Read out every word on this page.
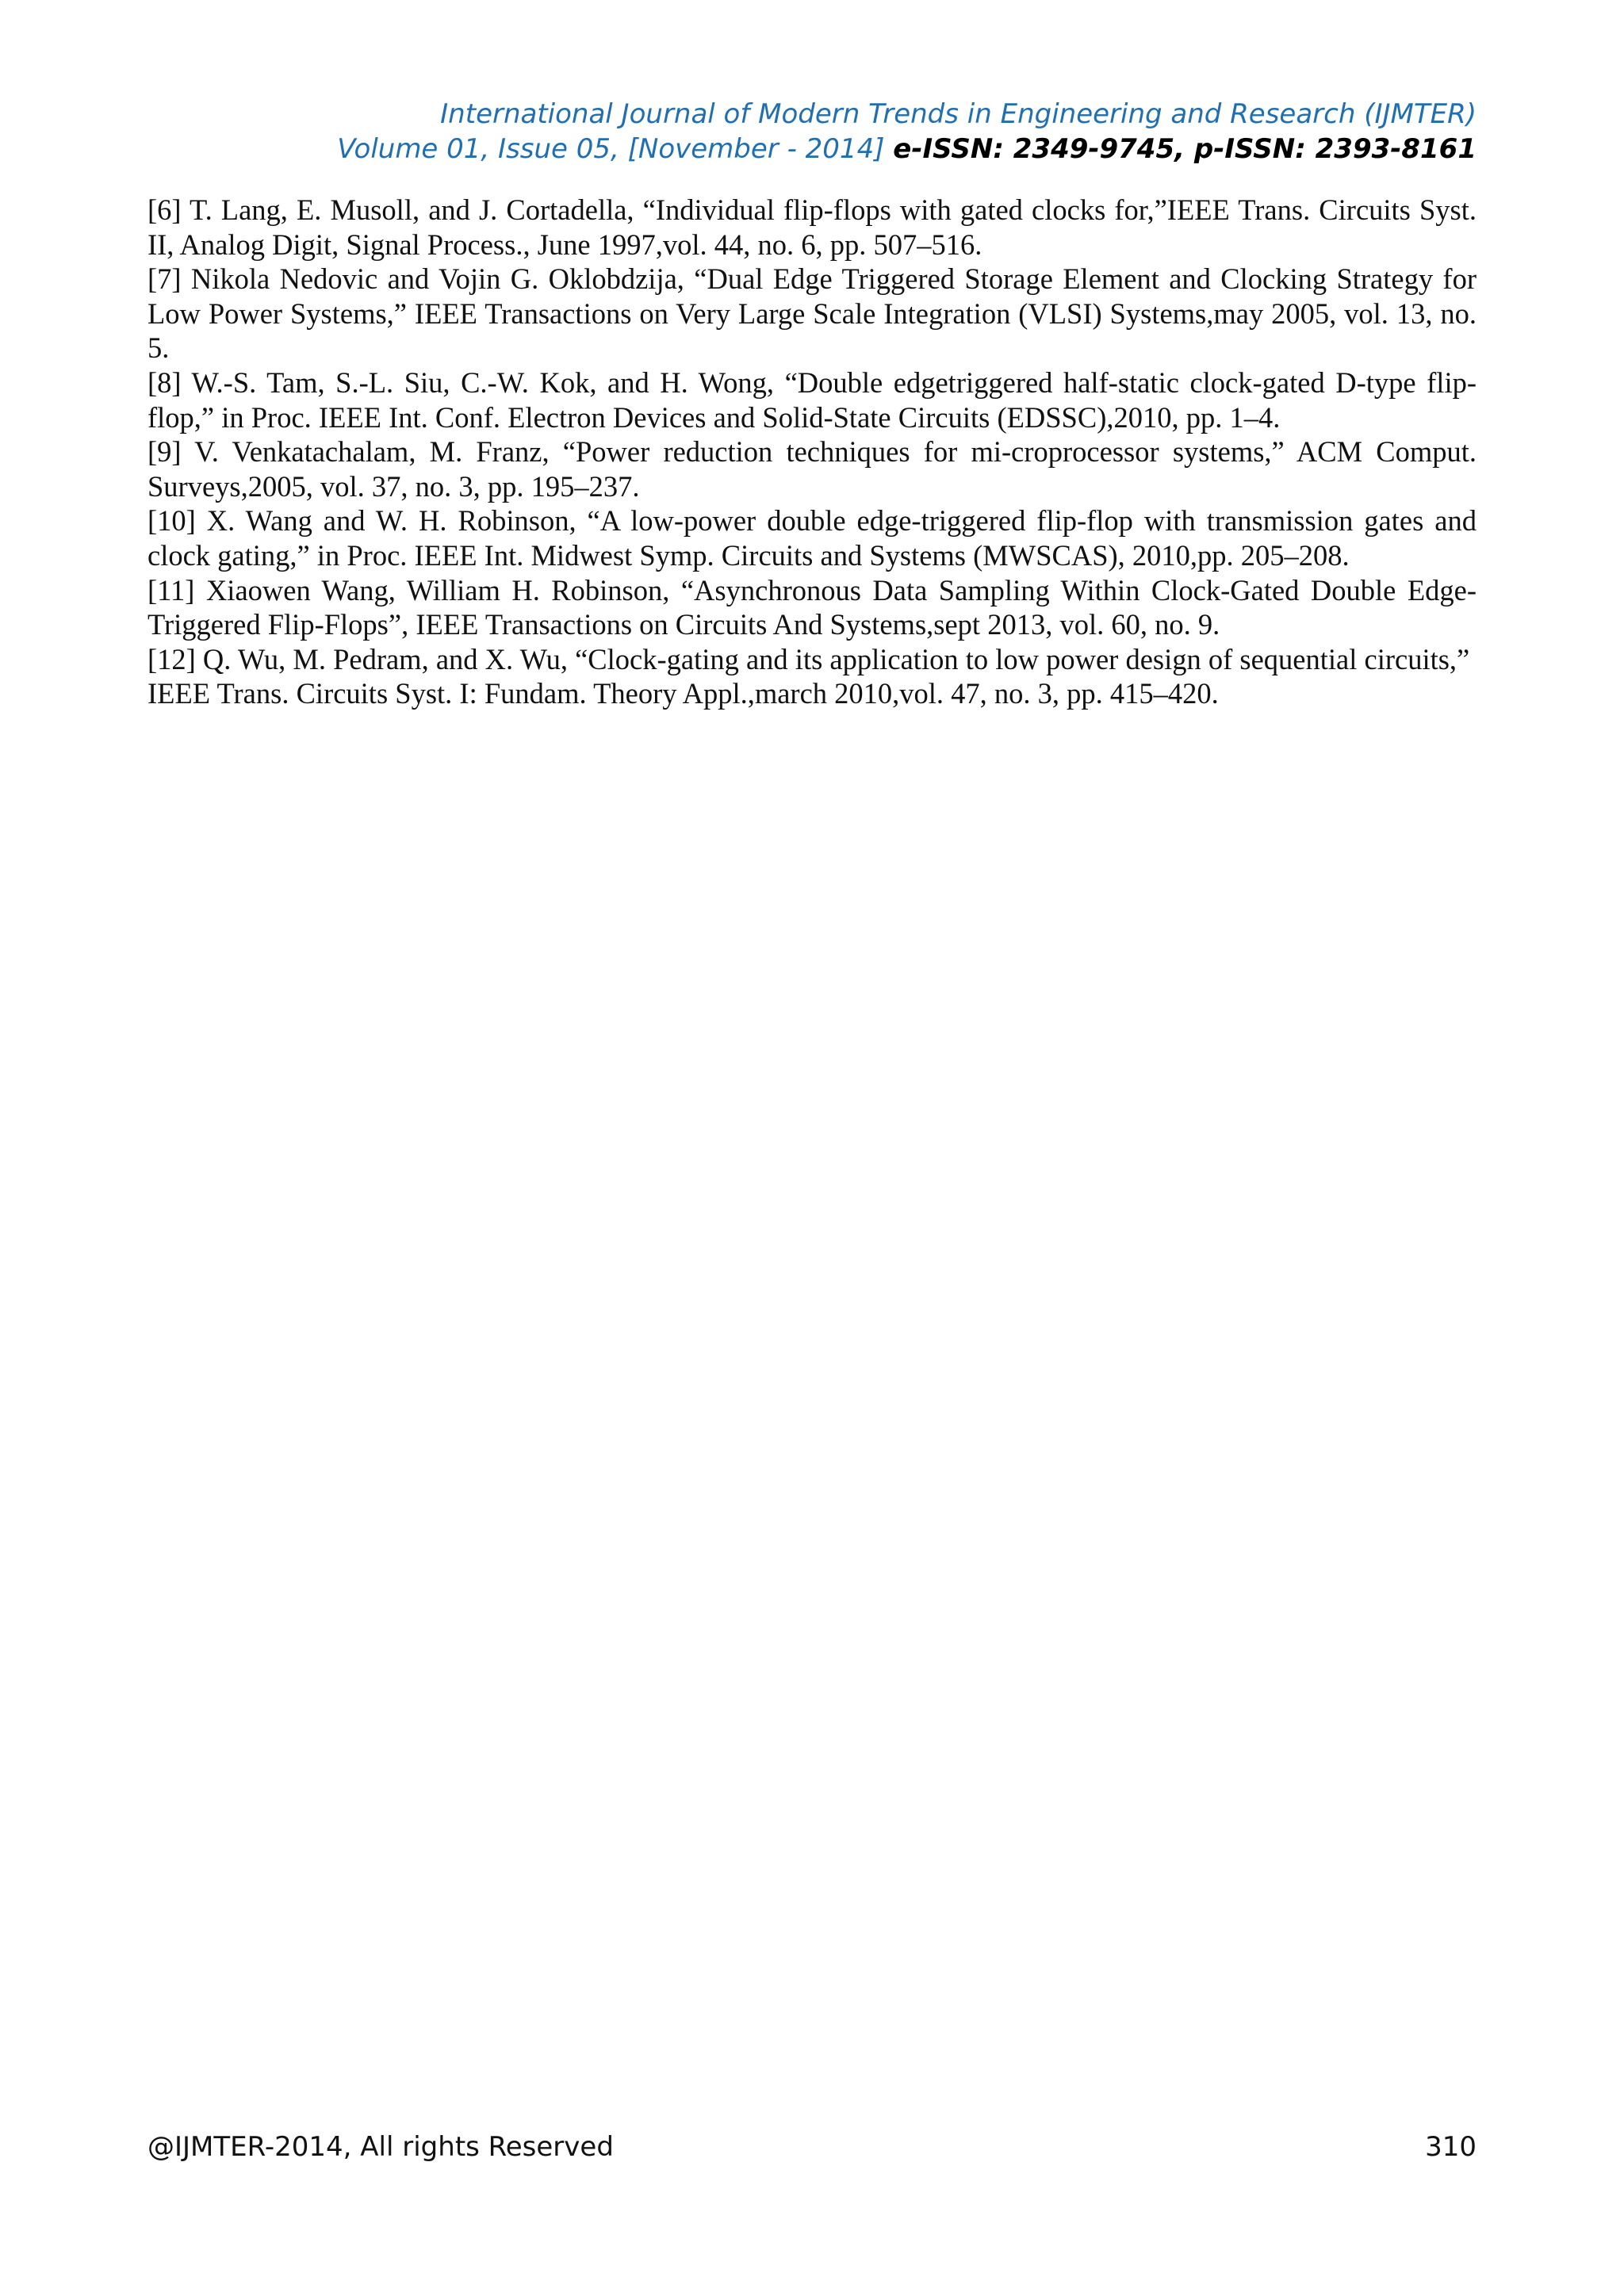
International Journal of Modern Trends in Engineering and Research (IJMTER)
Volume 01, Issue 05, [November - 2014] e-ISSN: 2349-9745, p-ISSN: 2393-8161

[6] T. Lang, E. Musoll, and J. Cortadella, “Individual flip-flops with gated clocks for,”IEEE Trans. Circuits Syst. II, Analog Digit, Signal Process., June 1997,vol. 44, no. 6, pp. 507–516.

[7] Nikola Nedovic and Vojin G. Oklobdzija, “Dual Edge Triggered Storage Element and Clocking Strategy for Low Power Systems,” IEEE Transactions on Very Large Scale Integration (VLSI) Systems,may 2005, vol. 13, no. 5.

[8] W.-S. Tam, S.-L. Siu, C.-W. Kok, and H. Wong, “Double edgetriggered half-static clock-gated D-type flip-flop,” in Proc. IEEE Int. Conf. Electron Devices and Solid-State Circuits (EDSSC),2010, pp. 1–4.

[9] V. Venkatachalam, M. Franz, “Power reduction techniques for mi-croprocessor systems,” ACM Comput. Surveys,2005, vol. 37, no. 3, pp. 195–237.

[10] X. Wang and W. H. Robinson, “A low-power double edge-triggered flip-flop with transmission gates and clock gating,” in Proc. IEEE Int. Midwest Symp. Circuits and Systems (MWSCAS), 2010,pp. 205–208.

[11] Xiaowen Wang, William H. Robinson, “Asynchronous Data Sampling Within Clock-Gated Double Edge-Triggered Flip-Flops”, IEEE Transactions on Circuits And Systems,sept 2013, vol. 60, no. 9.

[12] Q. Wu, M. Pedram, and X. Wu, “Clock-gating and its application to low power design of sequential circuits,” IEEE Trans. Circuits Syst. I: Fundam. Theory Appl.,march 2010,vol. 47, no. 3, pp. 415–420.

@IJMTER-2014, All rights Reserved	310
